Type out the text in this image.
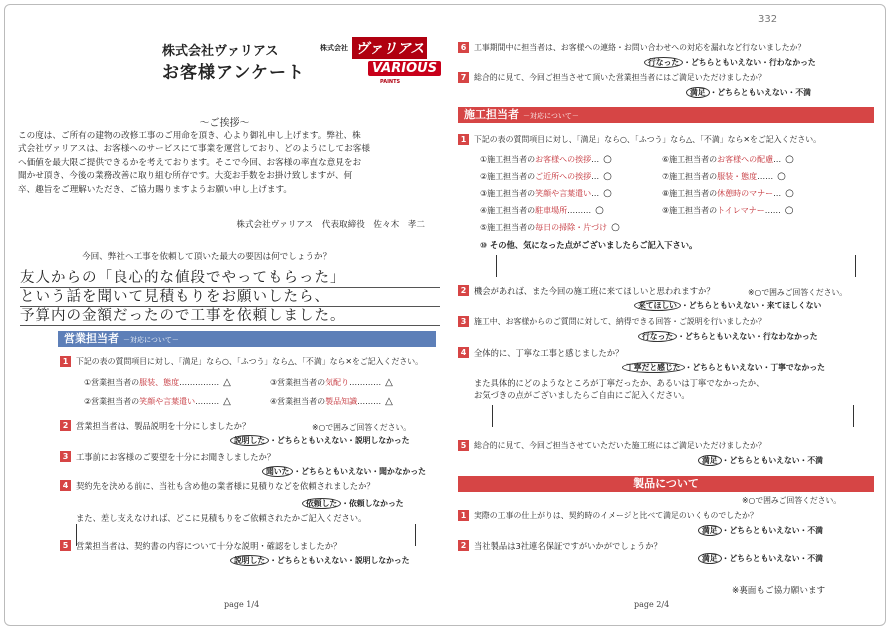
株式会社ヴァリアス
お客様アンケート
株式会社 ヴァリアス
VARIOUS
PAINTS
～ご挨拶～
この度は、ご所有の建物の改修工事のご用命を頂き、心より御礼申し上げます。弊社、株
式会社ヴァリアスは、お客様へのサービスにて事業を運営しており、どのようにしてお客様
へ価値を最大限ご提供できるかを考えております。そこで今回、お客様の率直な意見をお
聞かせ頂き、今後の業務改善に取り組む所存です。大変お手数をお掛け致しますが、何
卒、趣旨をご理解いただき、ご協力賜りますようお願い申し上げます。
株式会社ヴァリアス　代表取締役　佐々木　孝二
今回、弊社へ工事を依頼して頂いた最大の要因は何でしょうか？
友人からの「良心的な値段でやってもらった」
という話を聞いて見積もりをお願いしたら、
予算内の金額だったので工事を依頼しました。
営業担当者 －対応について－
1 下記の表の質問項目に対し、「満足」なら○、「ふつう」なら△、「不満」なら✕をご記入ください。
①営業担当者の服装、態度…………… △	③営業担当者の気配り………… △
②営業担当者の笑顔や言葉遣い……… △	④営業担当者の製品知識……… △
2 営業担当者は、製品説明を十分にしましたか？	※○で囲みご回答ください。
説明した ・どちらともいえない・説明しなかった
3 工事前にお客様のご要望を十分にお聞きしましたか？
聞いた ・どちらともいえない・聞かなかった
4 契約先を決める前に、当社も含め他の業者様に見積りなどを依頼されましたか？
依頼した ・依頼しなかった
また、差し支えなければ、どこに見積もりをご依頼されたかご記入ください。
5 営業担当者は、契約書の内容について十分な説明・確認をしましたか？
説明した ・どちらともいえない・説明しなかった
page 1/4
332
6 工事期間中に担当者は、お客様への連絡・お問い合わせへの対応を漏れなど行ないましたか？
行なった ・どちらともいえない・行わなかった
7 総合的に見て、今回ご担当させて頂いた営業担当者にはご満足いただけましたか？
満足 ・どちらともいえない・不満
施工担当者 －対応について－
1 下記の表の質問項目に対し、「満足」なら○、「ふつう」なら△、「不満」なら✕をご記入ください。
①施工担当者のお客様への挨拶… ○	⑥施工担当者のお客様への配慮… ○
②施工担当者のご近所への挨拶… ○	⑦施工担当者の服装・態度…… ○
③施工担当者の笑顔や言葉遣い… ○	⑧施工担当者の休憩時のマナー… ○
④施工担当者の駐車場所……… ○	⑨施工担当者のトイレマナー…… ○
⑤施工担当者の毎日の掃除・片づけ ○
⑩ その他、気になった点がございましたらご記入下さい。
2 機会があれば、また今回の施工班に来てほしいと思われますか？	※○で囲みご回答ください。
来てほしい ・どちらともいえない・来てほしくない
3 施工中、お客様からのご質問に対して、納得できる回答・ご説明を行いましたか？
行なった ・どちらともいえない・行なわなかった
4 全体的に、丁寧な工事と感じましたか？
丁寧だと感じた ・どちらともいえない・丁寧でなかった
また具体的にどのようなところが丁寧だったか、あるいは丁寧でなかったか、
お気づきの点がございましたらご自由にご記入ください。
5 総合的に見て、今回ご担当させていただいた施工班にはご満足いただけましたか？
満足 ・どちらともいえない・不満
製品について
※○で囲みご回答ください。
1 実際の工事の仕上がりは、契約時のイメージと比べて満足のいくものでしたか？
満足 ・どちらともいえない・不満
2 当社製品は3社連名保証ですがいかがでしょうか？
満足 ・どちらともいえない・不満
※裏面もご協力願います
page 2/4
